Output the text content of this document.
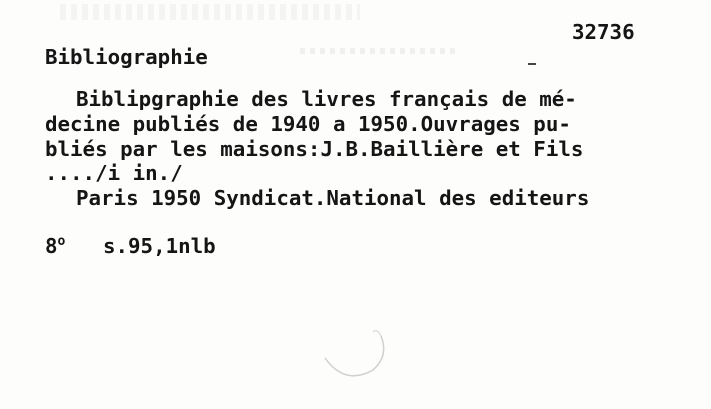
32736
Bibliographie
Biblipgraphie des livres français de mé-
decine publiés de 1940 a 1950.Ouvrages pu-
bliés par les maisons:J.B.Baillière et Fils
..../i in./
Paris 1950 Syndicat.National des editeurs
8$^o$ s.95,1nlb
